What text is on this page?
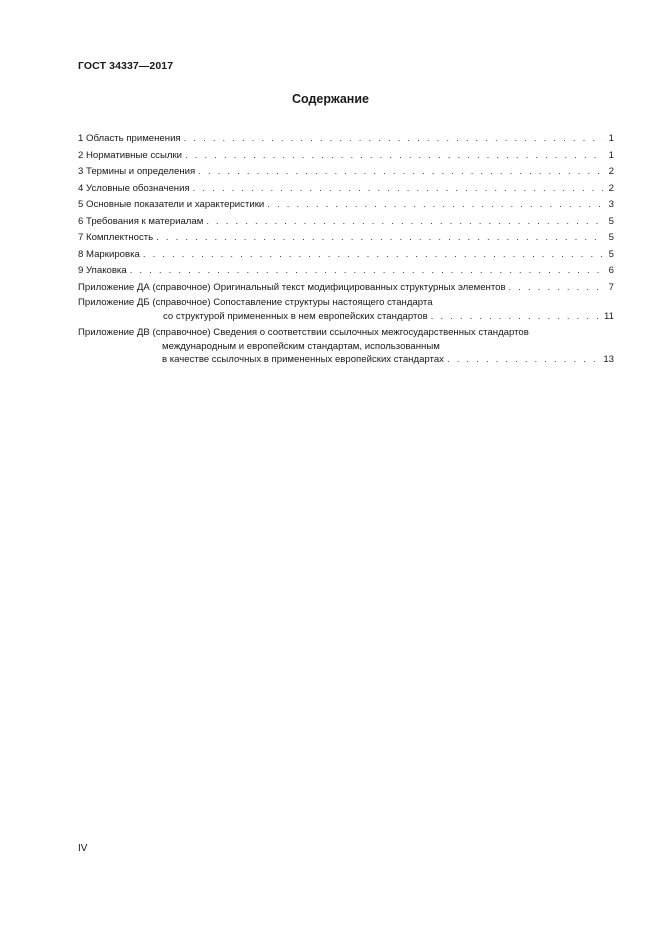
ГОСТ 34337—2017
Содержание
1 Область применения . . .	1
2 Нормативные ссылки . . .	1
3 Термины и определения . . .	2
4 Условные обозначения . . .	2
5 Основные показатели и характеристики . . .	3
6 Требования к материалам . . .	5
7 Комплектность . . .	5
8 Маркировка . . .	5
9 Упаковка . . .	6
Приложение ДА (справочное) Оригинальный текст модифицированных структурных элементов . . .	7
Приложение ДБ (справочное) Сопоставление структуры настоящего стандарта
со структурой примененных в нем европейских стандартов . . .	11
Приложение ДВ (справочное) Сведения о соответствии ссылочных межгосударственных стандартов
международным и европейским стандартам, использованным
в качестве ссылочных в примененных европейских стандартах . . .	13
IV
